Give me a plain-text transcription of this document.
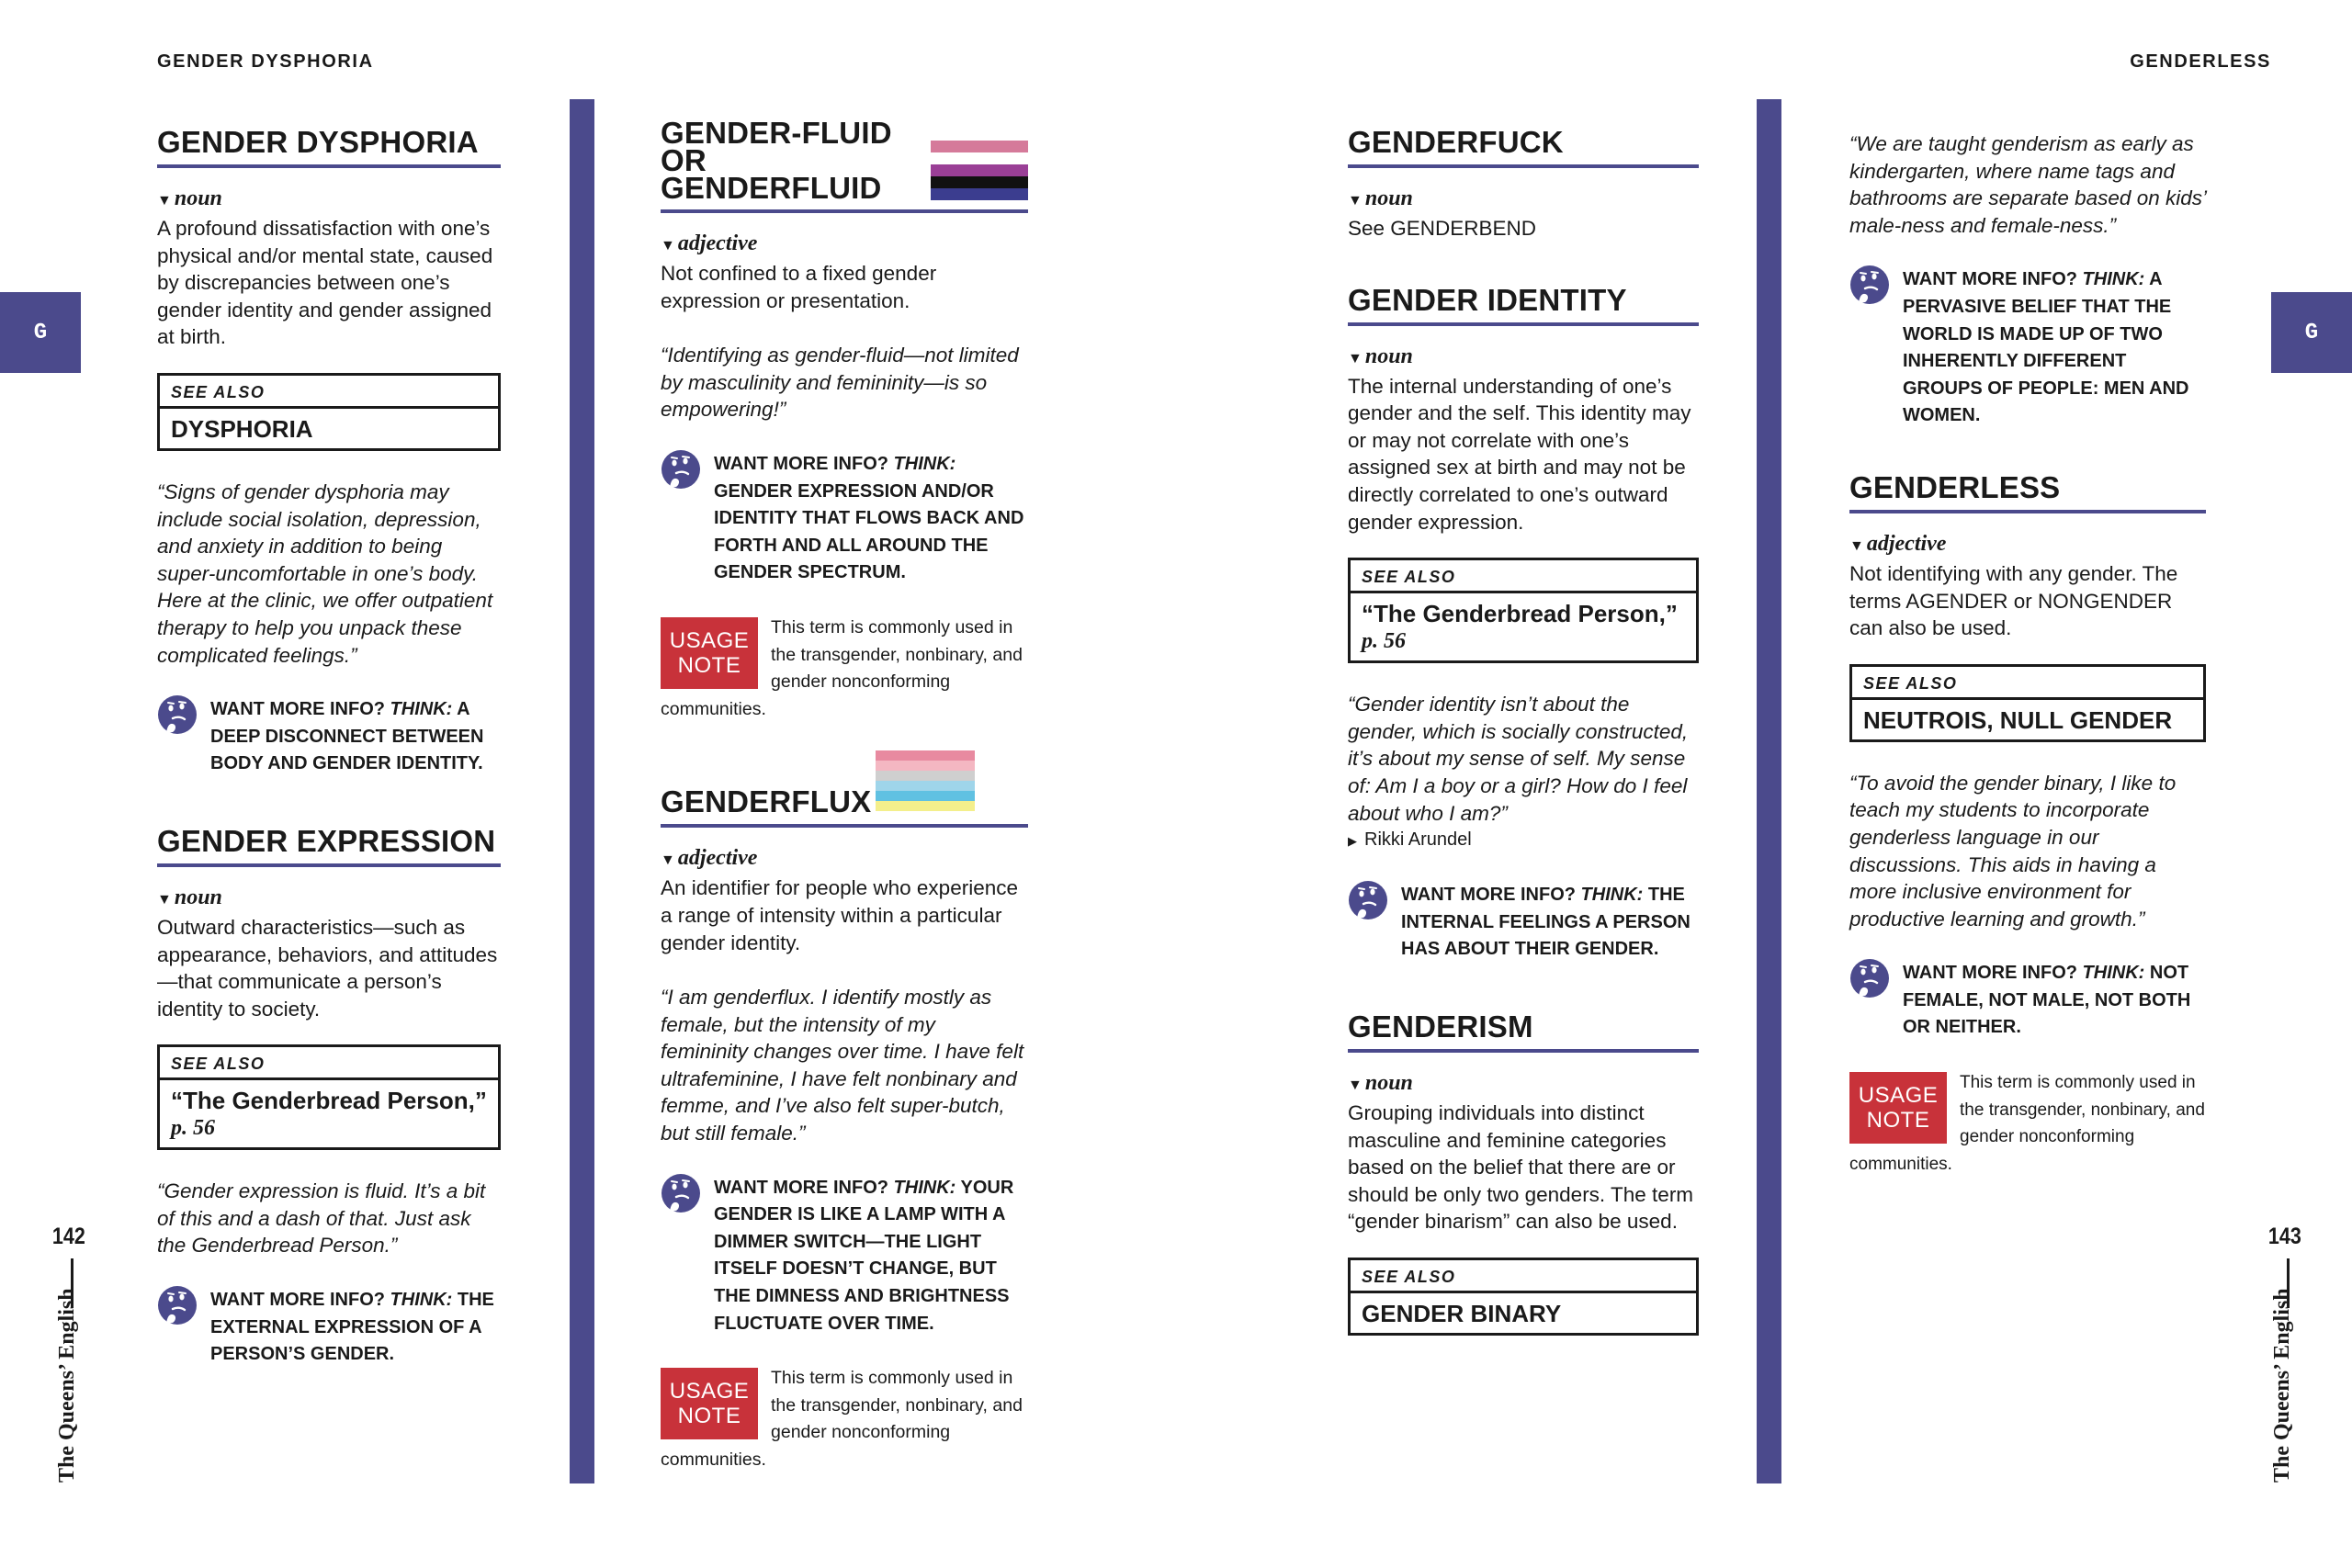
GENDER DYSPHORIA	GENDERLESS
G	G
142
The Queens’ English
143
The Queens’ English
GENDER DYSPHORIA
▼ noun
A profound dissatisfaction with one’s physical and/or mental state, caused by discrepancies between one’s gender identity and gender assigned at birth.
SEE ALSO
DYSPHORIA
“Signs of gender dysphoria may include social isolation, depression, and anxiety in addition to being super-uncomfortable in one’s body. Here at the clinic, we offer outpatient therapy to help you unpack these complicated feelings.”
WANT MORE INFO? THINK: A DEEP DISCONNECT BETWEEN BODY AND GENDER IDENTITY.
GENDER EXPRESSION
▼ noun
Outward characteristics—such as appearance, behaviors, and attitudes—that communicate a person’s identity to society.
SEE ALSO
“The Genderbread Person,”
p. 56
“Gender expression is fluid. It’s a bit of this and a dash of that. Just ask the Genderbread Person.”
WANT MORE INFO? THINK: THE EXTERNAL EXPRESSION OF A PERSON’S GENDER.
GENDER-FLUID
OR GENDERFLUID
▼ adjective
Not confined to a fixed gender expression or presentation.
“Identifying as gender-fluid—not limited by masculinity and femininity—is so empowering!”
WANT MORE INFO? THINK: GENDER EXPRESSION AND/OR IDENTITY THAT FLOWS BACK AND FORTH AND ALL AROUND THE GENDER SPECTRUM.
USAGE
NOTE
This term is commonly used in the transgender, nonbinary, and gender nonconforming communities.
GENDERFLUX
▼ adjective
An identifier for people who experience a range of intensity within a particular gender identity.
“I am genderflux. I identify mostly as female, but the intensity of my femininity changes over time. I have felt ultrafeminine, I have felt nonbinary and femme, and I’ve also felt super-butch, but still female.”
WANT MORE INFO? THINK: YOUR GENDER IS LIKE A LAMP WITH A DIMMER SWITCH—THE LIGHT ITSELF DOESN’T CHANGE, BUT THE DIMNESS AND BRIGHTNESS FLUCTUATE OVER TIME.
USAGE
NOTE
This term is commonly used in the transgender, nonbinary, and gender nonconforming communities.
GENDERFUCK
▼ noun
See GENDERBEND
GENDER IDENTITY
▼ noun
The internal understanding of one’s gender and the self. This identity may or may not correlate with one’s assigned sex at birth and may not be directly correlated to one’s outward gender expression.
SEE ALSO
“The Genderbread Person,”
p. 56
“Gender identity isn’t about the gender, which is socially constructed, it’s about my sense of self. My sense of: Am I a boy or a girl? How do I feel about who I am?”
▶ Rikki Arundel
WANT MORE INFO? THINK: THE INTERNAL FEELINGS A PERSON HAS ABOUT THEIR GENDER.
GENDERISM
▼ noun
Grouping individuals into distinct masculine and feminine categories based on the belief that there are or should be only two genders. The term “gender binarism” can also be used.
SEE ALSO
GENDER BINARY
“We are taught genderism as early as kindergarten, where name tags and bathrooms are separate based on kids’ male-ness and female-ness.”
WANT MORE INFO? THINK: A PERVASIVE BELIEF THAT THE WORLD IS MADE UP OF TWO INHERENTLY DIFFERENT GROUPS OF PEOPLE: MEN AND WOMEN.
GENDERLESS
▼ adjective
Not identifying with any gender. The terms AGENDER or NONGENDER can also be used.
SEE ALSO
NEUTROIS, NULL GENDER
“To avoid the gender binary, I like to teach my students to incorporate genderless language in our discussions. This aids in having a more inclusive environment for productive learning and growth.”
WANT MORE INFO? THINK: NOT FEMALE, NOT MALE, NOT BOTH OR NEITHER.
USAGE
NOTE
This term is commonly used in the transgender, nonbinary, and gender nonconforming communities.
